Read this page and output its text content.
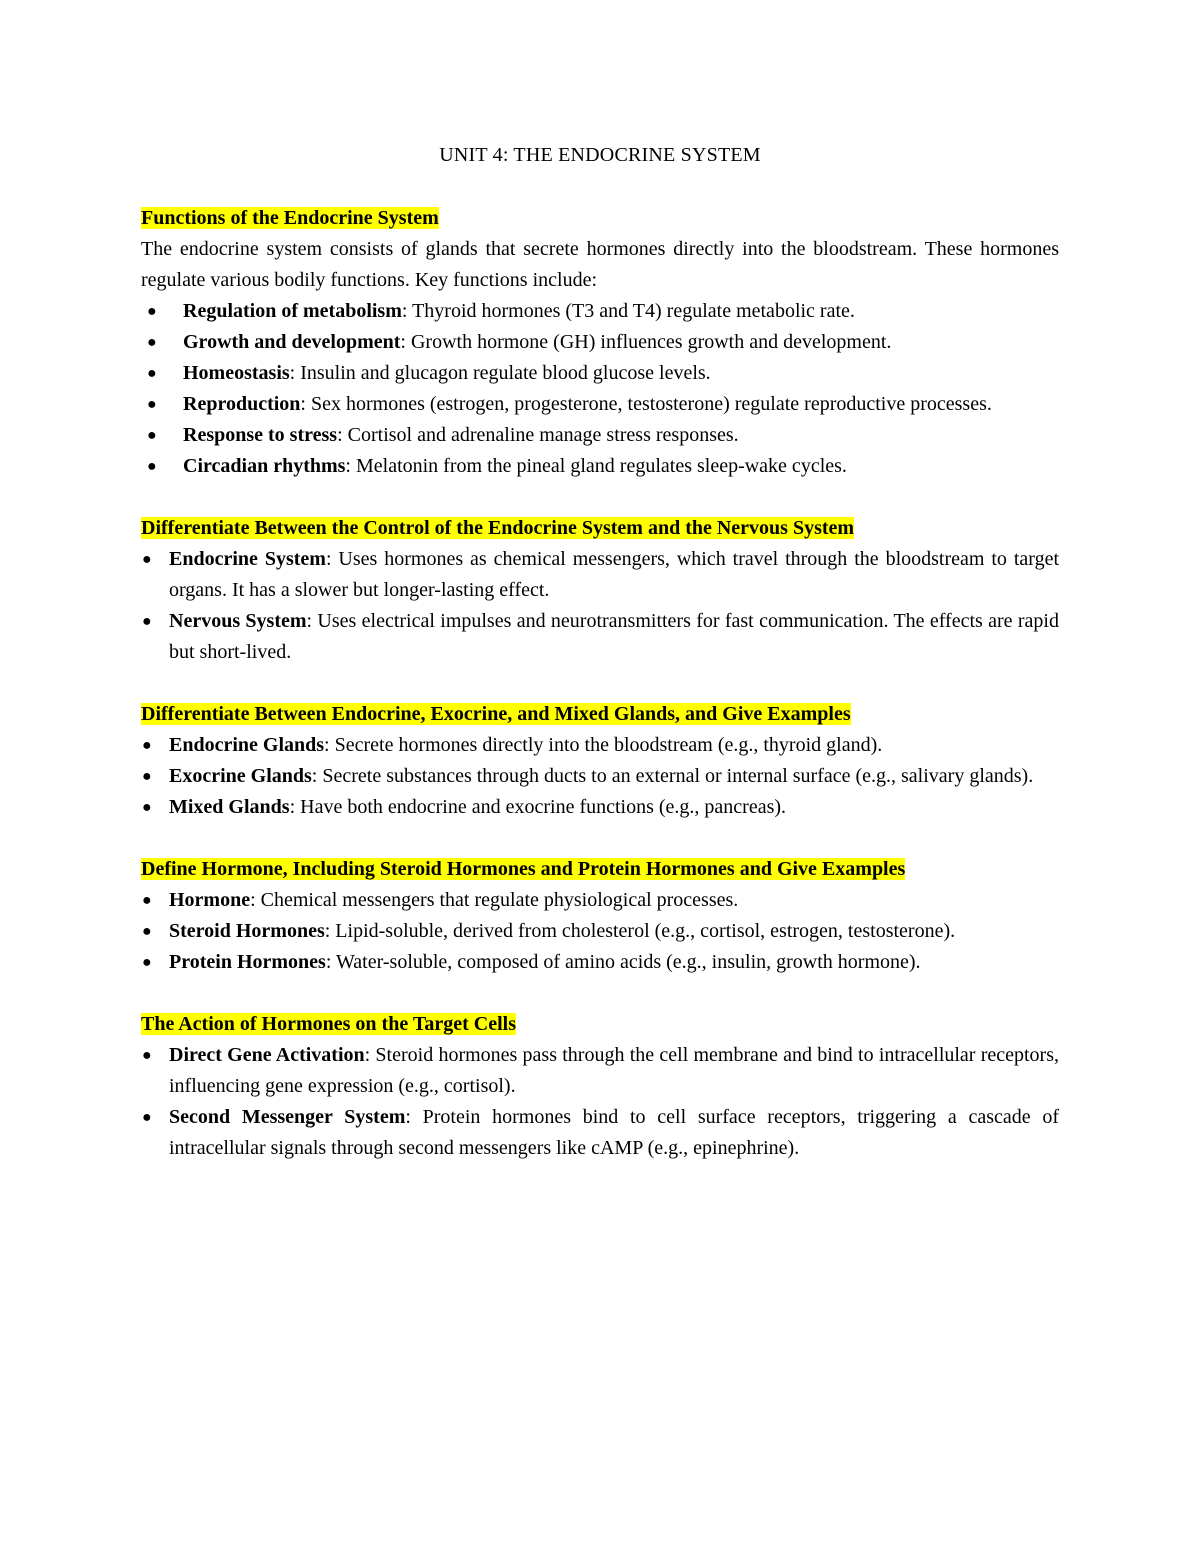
UNIT 4: THE ENDOCRINE SYSTEM

Functions of the Endocrine System

The endocrine system consists of glands that secrete hormones directly into the bloodstream. These hormones regulate various bodily functions. Key functions include:

● Regulation of metabolism: Thyroid hormones (T3 and T4) regulate metabolic rate.
● Growth and development: Growth hormone (GH) influences growth and development.
● Homeostasis: Insulin and glucagon regulate blood glucose levels.
● Reproduction: Sex hormones (estrogen, progesterone, testosterone) regulate reproductive processes.
● Response to stress: Cortisol and adrenaline manage stress responses.
● Circadian rhythms: Melatonin from the pineal gland regulates sleep-wake cycles.

Differentiate Between the Control of the Endocrine System and the Nervous System

● Endocrine System: Uses hormones as chemical messengers, which travel through the bloodstream to target organs. It has a slower but longer-lasting effect.
● Nervous System: Uses electrical impulses and neurotransmitters for fast communication. The effects are rapid but short-lived.

Differentiate Between Endocrine, Exocrine, and Mixed Glands, and Give Examples

● Endocrine Glands: Secrete hormones directly into the bloodstream (e.g., thyroid gland).
● Exocrine Glands: Secrete substances through ducts to an external or internal surface (e.g., salivary glands).
● Mixed Glands: Have both endocrine and exocrine functions (e.g., pancreas).

Define Hormone, Including Steroid Hormones and Protein Hormones and Give Examples

● Hormone: Chemical messengers that regulate physiological processes.
● Steroid Hormones: Lipid-soluble, derived from cholesterol (e.g., cortisol, estrogen, testosterone).
● Protein Hormones: Water-soluble, composed of amino acids (e.g., insulin, growth hormone).

The Action of Hormones on the Target Cells

● Direct Gene Activation: Steroid hormones pass through the cell membrane and bind to intracellular receptors, influencing gene expression (e.g., cortisol).
● Second Messenger System: Protein hormones bind to cell surface receptors, triggering a cascade of intracellular signals through second messengers like cAMP (e.g., epinephrine).
